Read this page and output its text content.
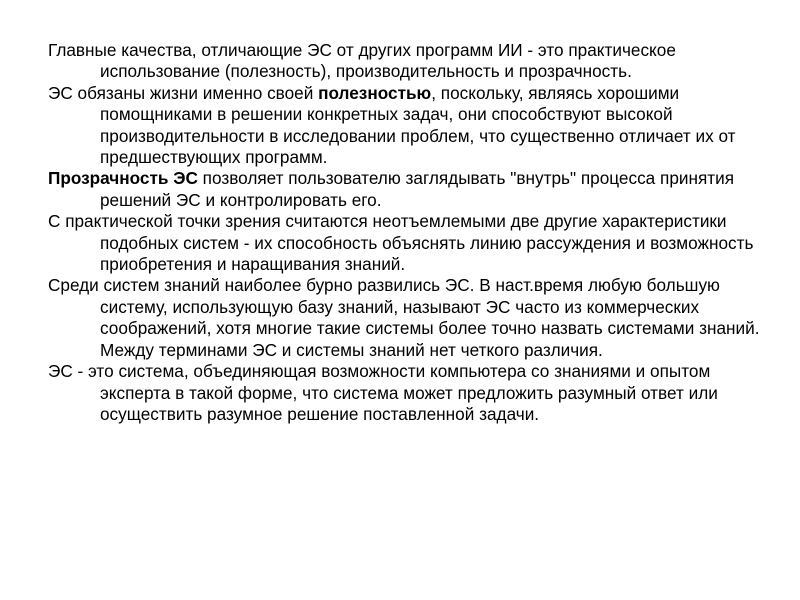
Главные качества, отличающие ЭС от других программ ИИ - это практическое использование (полезность), производительность и прозрачность.

ЭС обязаны жизни именно своей полезностью, поскольку, являясь хорошими помощниками в решении конкретных задач, они способствуют высокой производительности в исследовании проблем, что существенно отличает их от предшествующих программ.

Прозрачность ЭС позволяет пользователю заглядывать "внутрь" процесса принятия решений ЭС и контролировать его.

С практической точки зрения считаются неотъемлемыми две другие характеристики подобных систем - их способность объяснять линию рассуждения и возможность приобретения и наращивания знаний.

Среди систем знаний наиболее бурно развились ЭС. В наст.время любую большую систему, использующую базу знаний, называют ЭС часто из коммерческих соображений, хотя многие такие системы более точно назвать системами знаний. Между терминами ЭС и системы знаний нет четкого различия.

ЭС - это система, объединяющая возможности компьютера со знаниями и опытом эксперта в такой форме, что система может предложить разумный ответ или осуществить разумное решение поставленной задачи.
